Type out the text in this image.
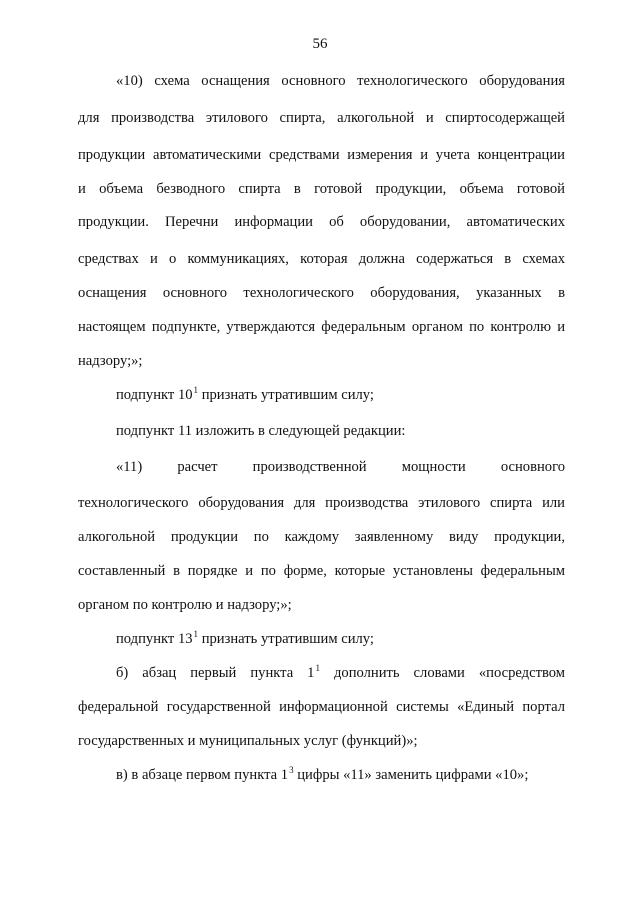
56
«10) схема оснащения основного технологического оборудования
для производства этилового спирта, алкогольной и спиртосодержащей
продукции автоматическими средствами измерения и учета концентрации
и объема безводного спирта в готовой продукции, объема готовой
продукции. Перечни информации об оборудовании, автоматических
средствах и о коммуникациях, которая должна содержаться в схемах
оснащения основного технологического оборудования, указанных в
настоящем подпункте, утверждаются федеральным органом по контролю и
надзору;»;
подпункт $10^1$ признать утратившим силу;
подпункт 11 изложить в следующей редакции:
«11) расчет производственной мощности основного
технологического оборудования для производства этилового спирта или
алкогольной продукции по каждому заявленному виду продукции,
составленный в порядке и по форме, которые установлены федеральным
органом по контролю и надзору;»;
подпункт $13^1$ признать утратившим силу;
б) абзац первый пункта $1^1$ дополнить словами «посредством
федеральной государственной информационной системы «Единый портал
государственных и муниципальных услуг (функций)»;
в) в абзаце первом пункта $1^3$ цифры «11» заменить цифрами «10»;
